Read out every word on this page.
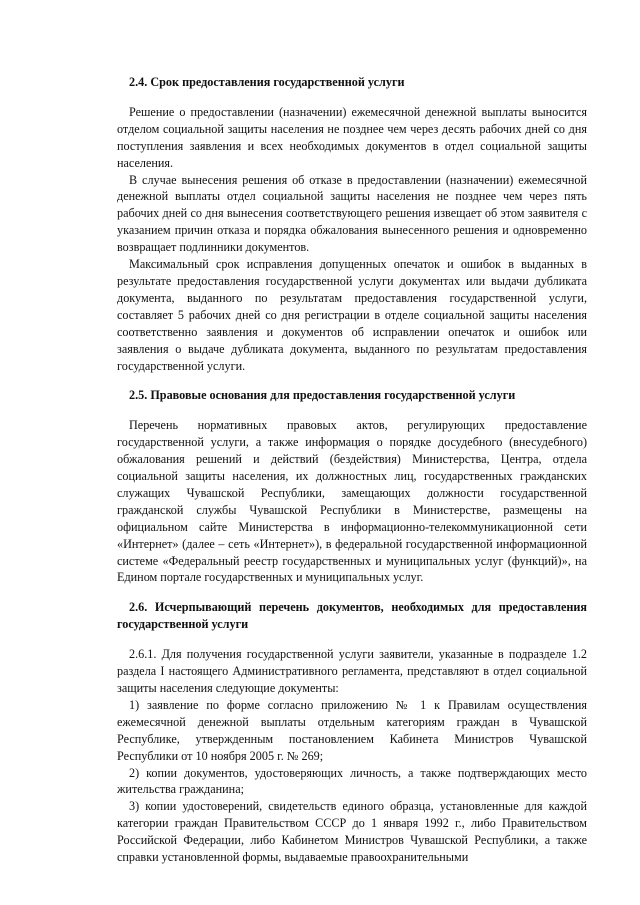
2.4. Срок предоставления государственной услуги

Решение о предоставлении (назначении) ежемесячной денежной выплаты выносится отделом социальной защиты населения не позднее чем через десять рабочих дней со дня поступления заявления и всех необходимых документов в отдел социальной защиты населения.

В случае вынесения решения об отказе в предоставлении (назначении) ежемесячной денежной выплаты отдел социальной защиты населения не позднее чем через пять рабочих дней со дня вынесения соответствующего решения извещает об этом заявителя с указанием причин отказа и порядка обжалования вынесенного решения и одновременно возвращает подлинники документов.

Максимальный срок исправления допущенных опечаток и ошибок в выданных в результате предоставления государственной услуги документах или выдачи дубликата документа, выданного по результатам предоставления государственной услуги, составляет 5 рабочих дней со дня регистрации в отделе социальной защиты населения соответственно заявления и документов об исправлении опечаток и ошибок или заявления о выдаче дубликата документа, выданного по результатам предоставления государственной услуги.

2.5. Правовые основания для предоставления государственной услуги

Перечень нормативных правовых актов, регулирующих предоставление государственной услуги, а также информация о порядке досудебного (внесудебного) обжалования решений и действий (бездействия) Министерства, Центра, отдела социальной защиты населения, их должностных лиц, государственных гражданских служащих Чувашской Республики, замещающих должности государственной гражданской службы Чувашской Республики в Министерстве, размещены на официальном сайте Министерства в информационно-телекоммуникационной сети «Интернет» (далее – сеть «Интернет»), в федеральной государственной информационной системе «Федеральный реестр государственных и муниципальных услуг (функций)», на Едином портале государственных и муниципальных услуг.

2.6. Исчерпывающий перечень документов, необходимых для предоставления государственной услуги

2.6.1. Для получения государственной услуги заявители, указанные в подразделе 1.2 раздела I настоящего Административного регламента, представляют в отдел социальной защиты населения следующие документы:

1) заявление по форме согласно приложению № 1 к Правилам осуществления ежемесячной денежной выплаты отдельным категориям граждан в Чувашской Республике, утвержденным постановлением Кабинета Министров Чувашской Республики от 10 ноября 2005 г. № 269;

2) копии документов, удостоверяющих личность, а также подтверждающих место жительства гражданина;

3) копии удостоверений, свидетельств единого образца, установленные для каждой категории граждан Правительством СССР до 1 января 1992 г., либо Правительством Российской Федерации, либо Кабинетом Министров Чувашской Республики, а также справки установленной формы, выдаваемые правоохранительными
